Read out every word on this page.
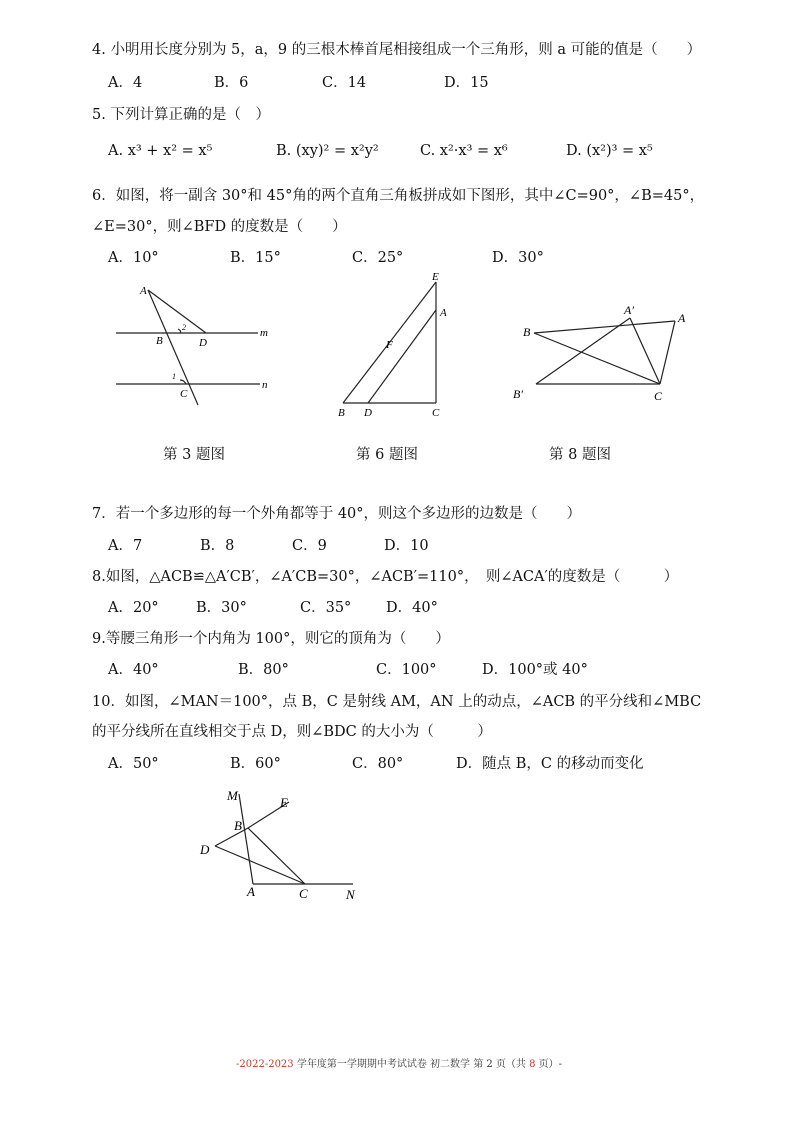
4. 小明用长度分别为 5，a，9 的三根木棒首尾相接组成一个三角形，则 a 可能的值是（　　）
A．4	B．6	C．14	D．15
5. 下列计算正确的是（　）
A. x³ + x² = x⁵	B. (xy)² = x²y²	C. x²·x³ = x⁶	D. (x²)³ = x⁵
6．如图，将一副含 30°和 45°角的两个直角三角板拼成如下图形，其中∠C=90°，∠B=45°，
∠E=30°，则∠BFD 的度数是（　　）
A．10°	B．15°	C．25°	D．30°
A
B	D
C
m
n
1
2
E
A
F
B D	C
B
A′
A
B′	C
第 3 题图	第 6 题图	第 8 题图
7．若一个多边形的每一个外角都等于 40°，则这个多边形的边数是（　　）
A．7	B．8	C．9	D．10
8.如图，△ACB≌△A′CB′，∠A′CB=30°，∠ACB′=110°，　则∠ACA′的度数是（　　　）
A．20°	B．30°	C．35° D．40°
9.等腰三角形一个内角为 100°，则它的顶角为（　　）
A．40°	B．80°	C．100°	D．100°或 40°
10．如图，∠MAN＝100°，点 B，C 是射线 AM，AN 上的动点，∠ACB 的平分线和∠MBC
的平分线所在直线相交于点 D，则∠BDC 的大小为（　　　）
A．50°	B．60°	C．80°	D．随点 B，C 的移动而变化
M	E
B
D
A	C	N
-2022-2023 学年度第一学期期中考试试卷 初二数学 第 2 页（共 8 页）-
